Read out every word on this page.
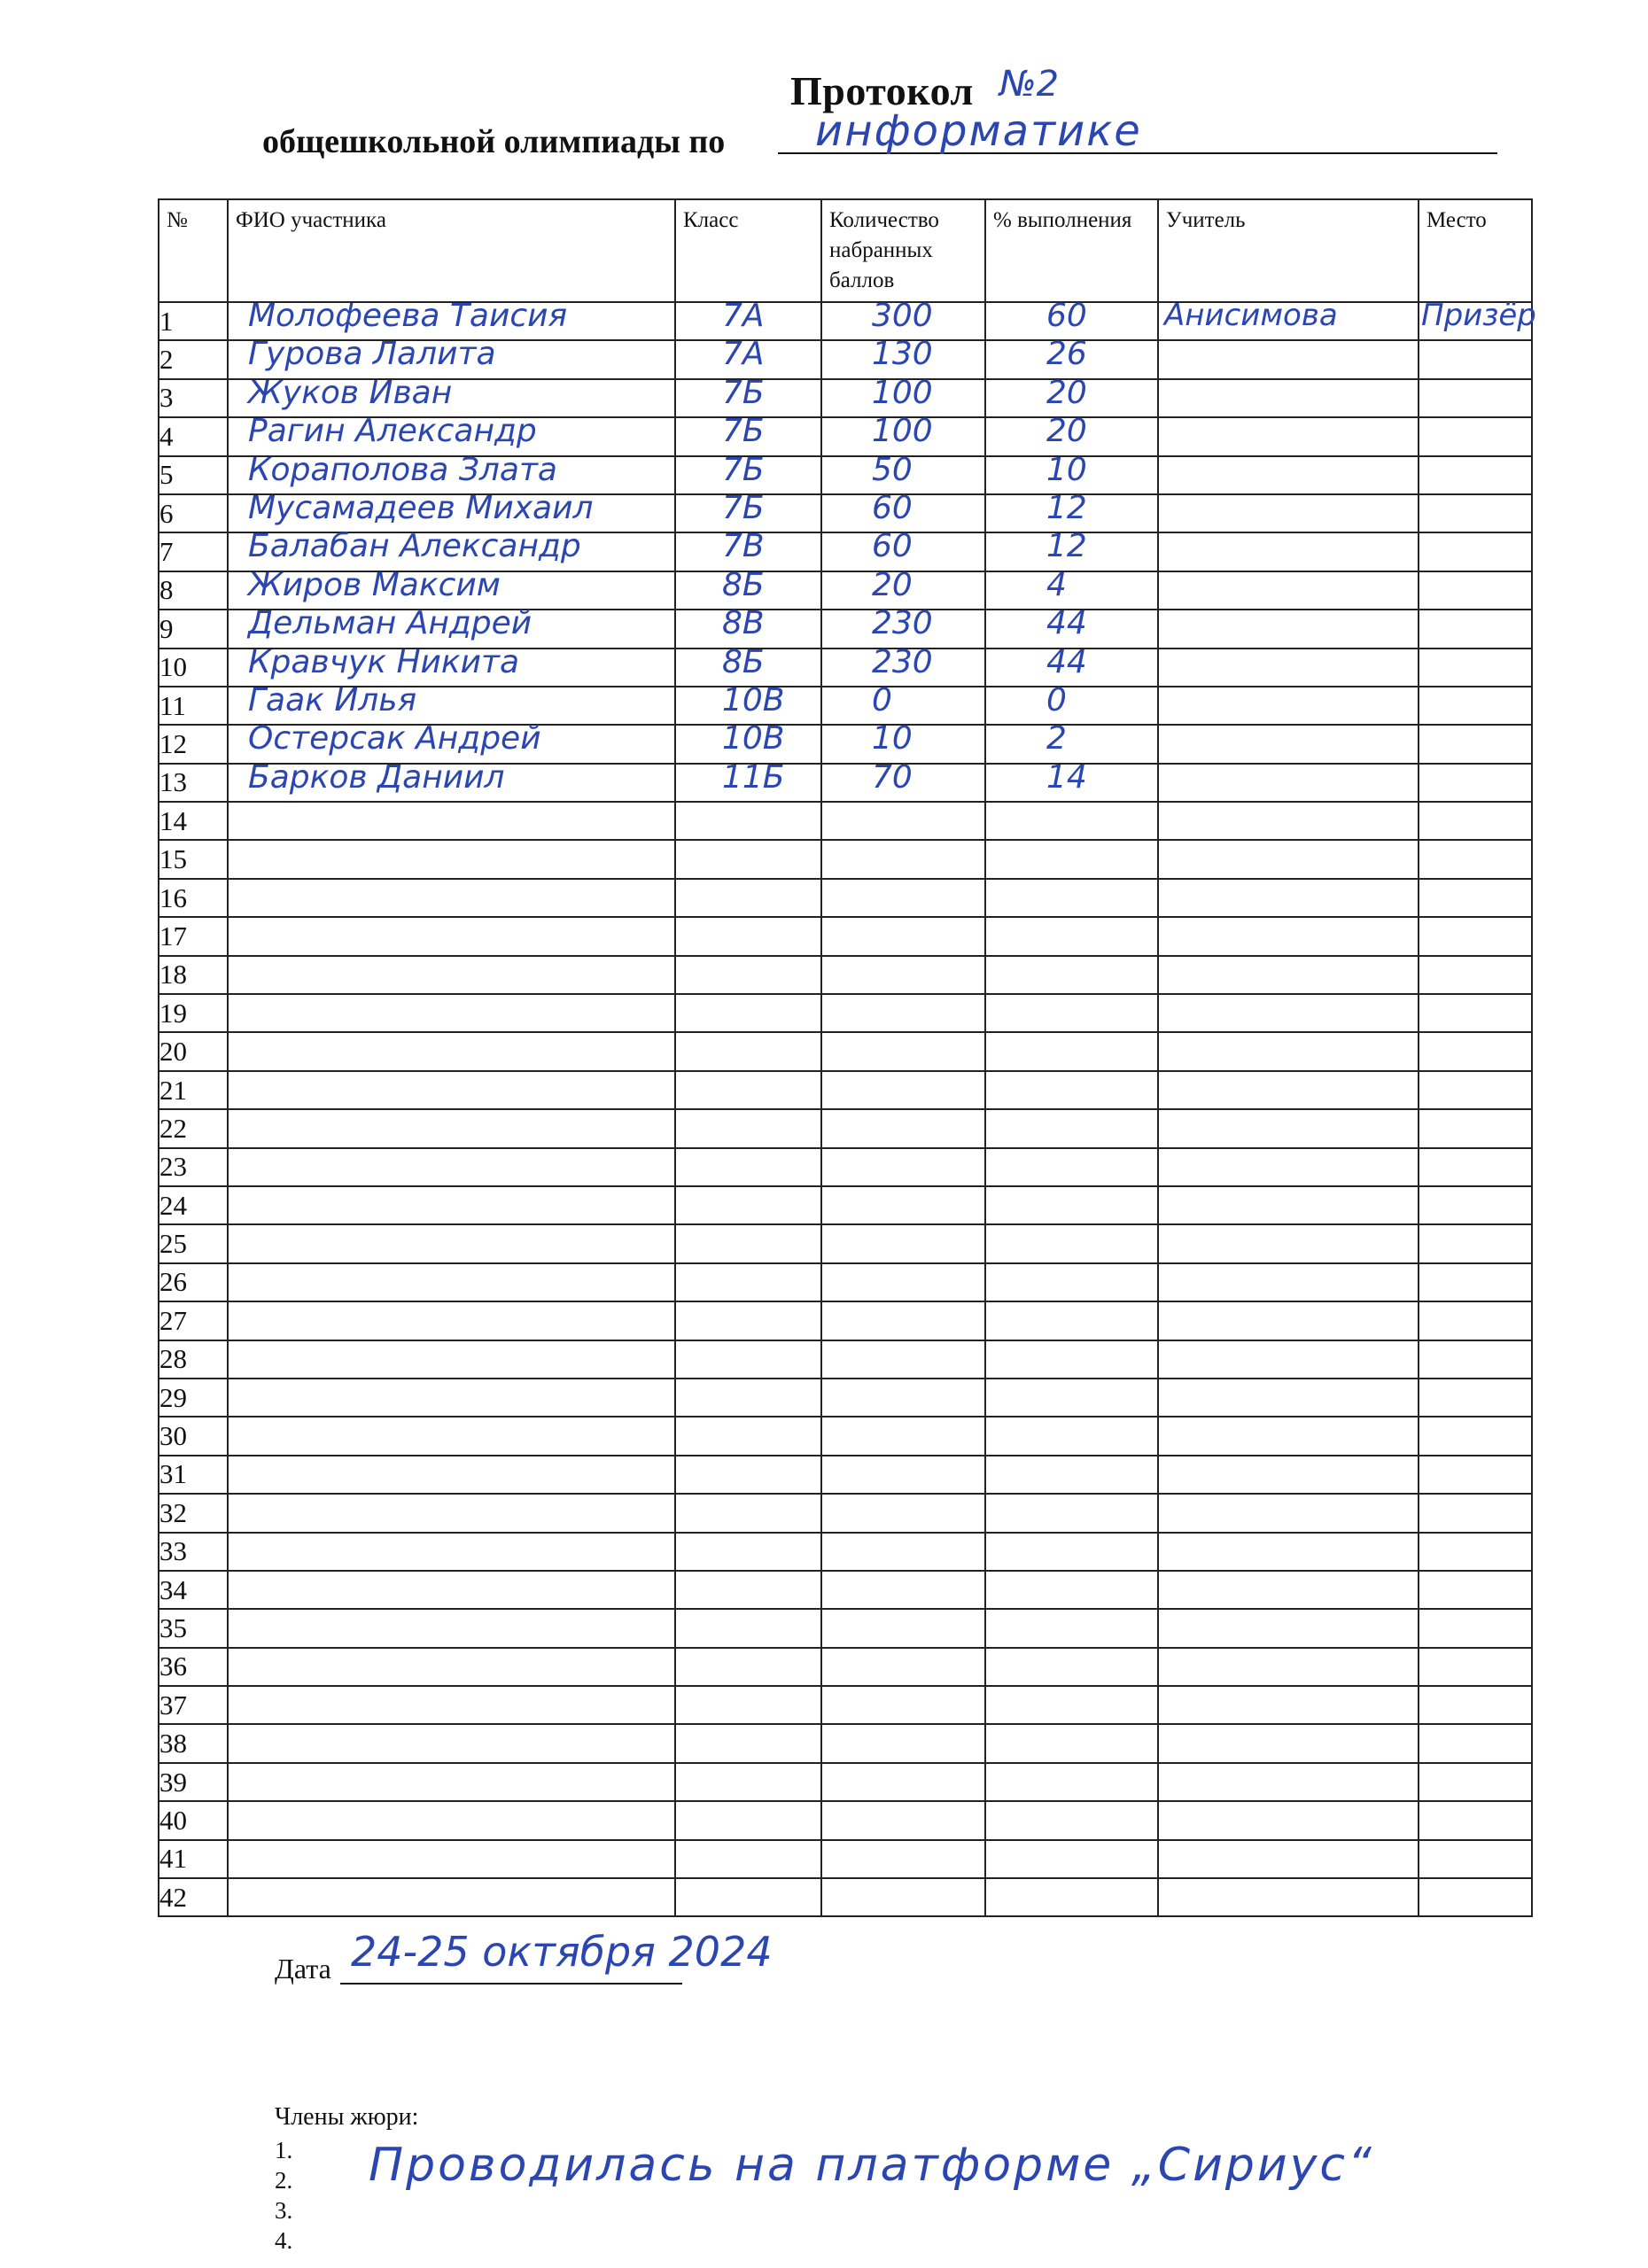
Протокол №2
общешкольной олимпиады по информатике
№	ФИО участника	Класс	Количество набранных баллов	% выполнения	Учитель	Место
1	Молофеева Таисия	7А	300	60	Анисимова	Призёр

2	Гурова Лалита	7А	130	26		

3	Жуков Иван	7Б	100	20		

4	Рагин Александр	7Б	100	20		

5	Кораполова Злата	7Б	50	10		

6	Мусамадеев Михаил	7Б	60	12		

7	Балабан Александр	7В	60	12		

8	Жиров Максим	8Б	20	4		

9	Дельман Андрей	8В	230	44		

10	Кравчук Никита	8Б	230	44		

11	Гаак Илья	10В	0	0		

12	Остерсак Андрей	10В	10	2		

13	Барков Даниил	11Б	70	14		

14						
15						
16						
17						
18						
19						
20						
21						
22						
23						
24						
25						
26						
27						
28						
29						
30						
31						
32						
33						
34						
35						
36						
37						
38						
39						
40						
41						
42						
Дата 24-25 октября 2024
Члены жюри:
1.
2.
3.
4.
Проводилась на платформе „Сириус“
